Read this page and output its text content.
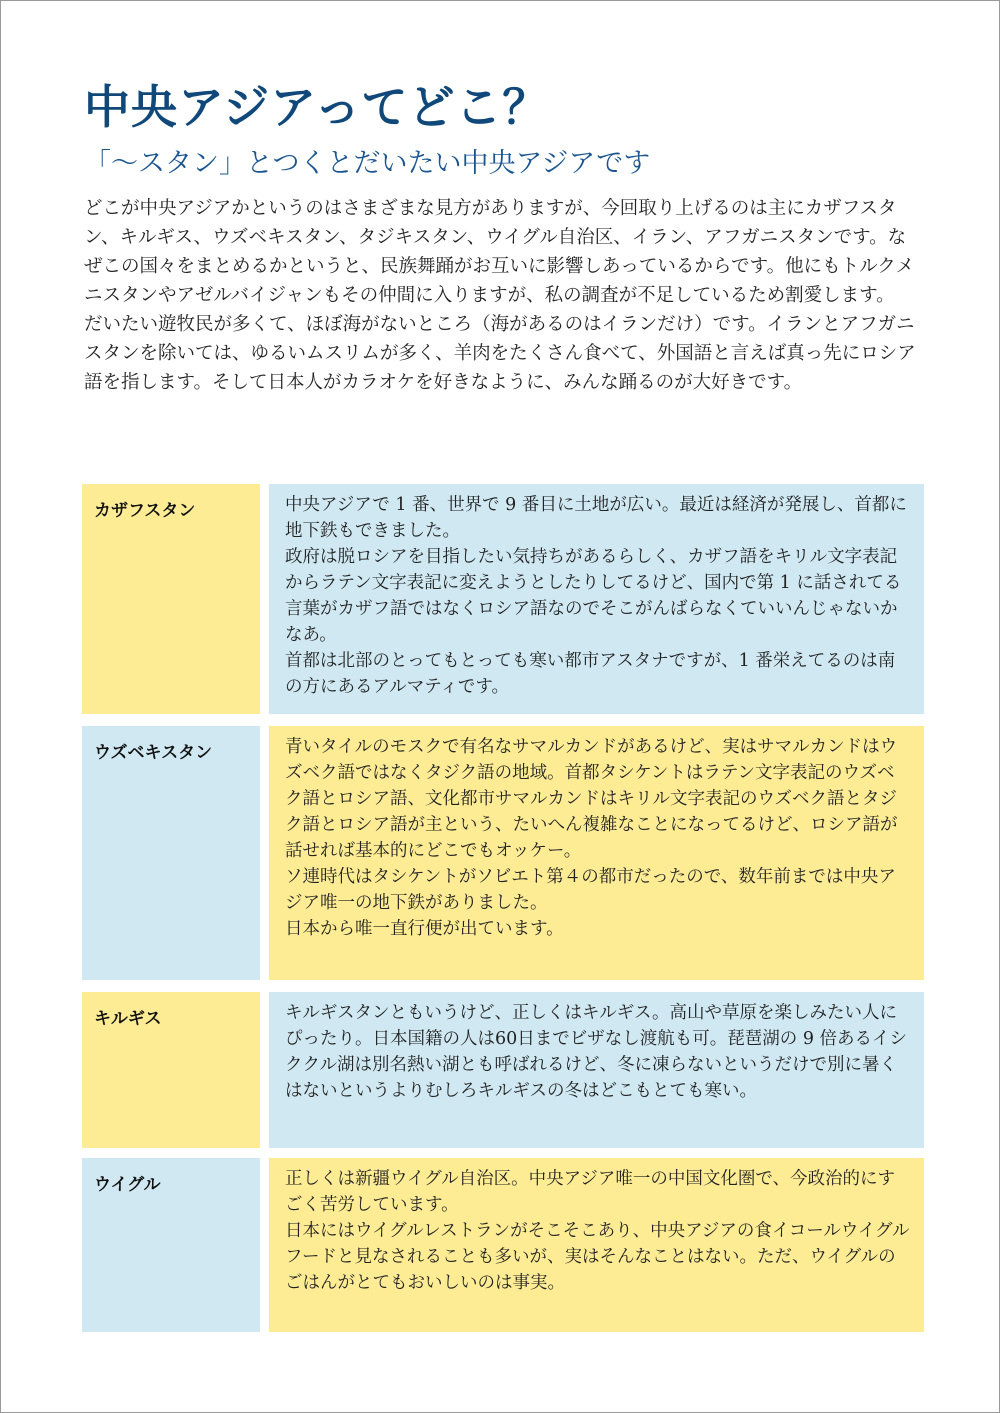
中央アジアってどこ？
「〜スタン」とつくとだいたい中央アジアです

どこが中央アジアかというのはさまざまな見方がありますが、今回取り上げるのは主にカザフスタン、キルギス、ウズベキスタン、タジキスタン、ウイグル自治区、イラン、アフガニスタンです。なぜこの国々をまとめるかというと、民族舞踊がお互いに影響しあっているからです。他にもトルクメニスタンやアゼルバイジャンもその仲間に入りますが、私の調査が不足しているため割愛します。

だいたい遊牧民が多くて、ほぼ海がないところ（海があるのはイランだけ）です。イランとアフガニスタンを除いては、ゆるいムスリムが多く、羊肉をたくさん食べて、外国語と言えば真っ先にロシア語を指します。そして日本人がカラオケを好きなように、みんな踊るのが大好きです。

カザフスタン	中央アジアで 1 番、世界で 9 番目に土地が広い。最近は経済が発展し、首都に地下鉄もできました。

政府は脱ロシアを目指したい気持ちがあるらしく、カザフ語をキリル文字表記からラテン文字表記に変えようとしたりしてるけど、国内で第 1 に話されてる言葉がカザフ語ではなくロシア語なのでそこがんばらなくていいんじゃないかなあ。

首都は北部のとってもとっても寒い都市アスタナですが、1 番栄えてるのは南の方にあるアルマティです。

ウズベキスタン	青いタイルのモスクで有名なサマルカンドがあるけど、実はサマルカンドはウズベク語ではなくタジク語の地域。首都タシケントはラテン文字表記のウズベク語とロシア語、文化都市サマルカンドはキリル文字表記のウズベク語とタジク語とロシア語が主という、たいへん複雑なことになってるけど、ロシア語が話せれば基本的にどこでもオッケー。

ソ連時代はタシケントがソビエト第４の都市だったので、数年前までは中央アジア唯一の地下鉄がありました。

日本から唯一直行便が出ています。

キルギス	キルギスタンともいうけど、正しくはキルギス。高山や草原を楽しみたい人にぴったり。日本国籍の人は60日までビザなし渡航も可。琵琶湖の 9 倍あるイシククル湖は別名熱い湖とも呼ばれるけど、冬に凍らないというだけで別に暑くはないというよりむしろキルギスの冬はどこもとても寒い。

ウイグル	正しくは新疆ウイグル自治区。中央アジア唯一の中国文化圏で、今政治的にすごく苦労しています。

日本にはウイグルレストランがそこそこあり、中央アジアの食イコールウイグルフードと見なされることも多いが、実はそんなことはない。ただ、ウイグルのごはんがとてもおいしいのは事実。
